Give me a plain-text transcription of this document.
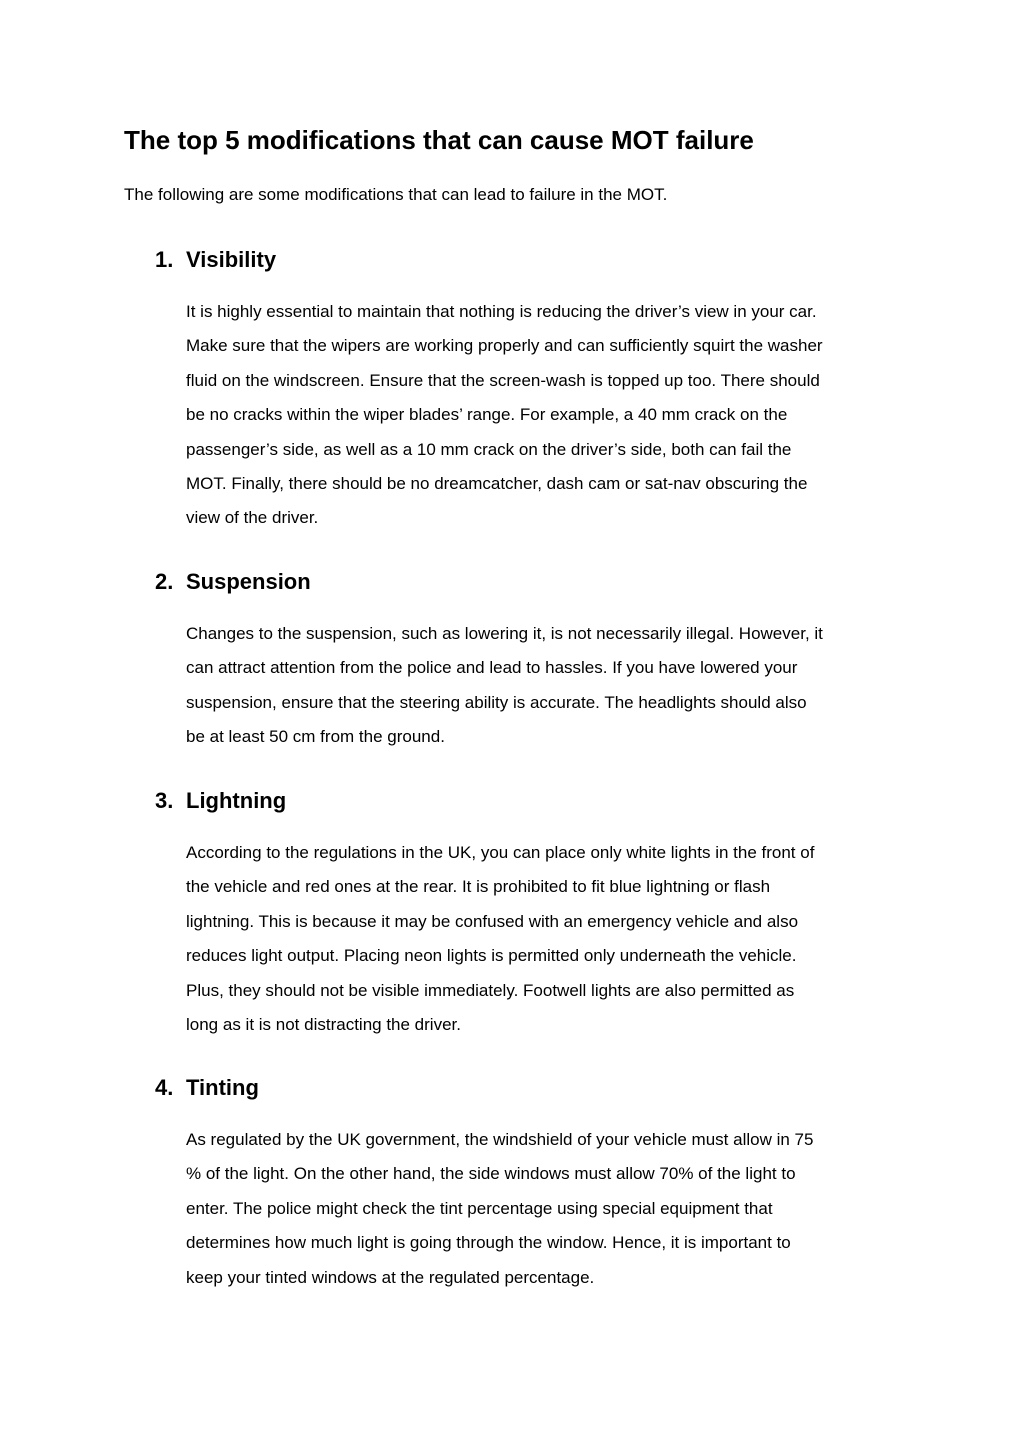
The top 5 modifications that can cause MOT failure

The following are some modifications that can lead to failure in the MOT.

1. Visibility
It is highly essential to maintain that nothing is reducing the driver’s view in your car.
Make sure that the wipers are working properly and can sufficiently squirt the washer
fluid on the windscreen. Ensure that the screen-wash is topped up too. There should
be no cracks within the wiper blades’ range. For example, a 40 mm crack on the
passenger’s side, as well as a 10 mm crack on the driver’s side, both can fail the
MOT. Finally, there should be no dreamcatcher, dash cam or sat-nav obscuring the
view of the driver.
2. Suspension
Changes to the suspension, such as lowering it, is not necessarily illegal. However, it
can attract attention from the police and lead to hassles. If you have lowered your
suspension, ensure that the steering ability is accurate. The headlights should also
be at least 50 cm from the ground.
3. Lightning
According to the regulations in the UK, you can place only white lights in the front of
the vehicle and red ones at the rear. It is prohibited to fit blue lightning or flash
lightning. This is because it may be confused with an emergency vehicle and also
reduces light output. Placing neon lights is permitted only underneath the vehicle.
Plus, they should not be visible immediately. Footwell lights are also permitted as
long as it is not distracting the driver.
4. Tinting
As regulated by the UK government, the windshield of your vehicle must allow in 75
% of the light. On the other hand, the side windows must allow 70% of the light to
enter. The police might check the tint percentage using special equipment that
determines how much light is going through the window. Hence, it is important to
keep your tinted windows at the regulated percentage.
